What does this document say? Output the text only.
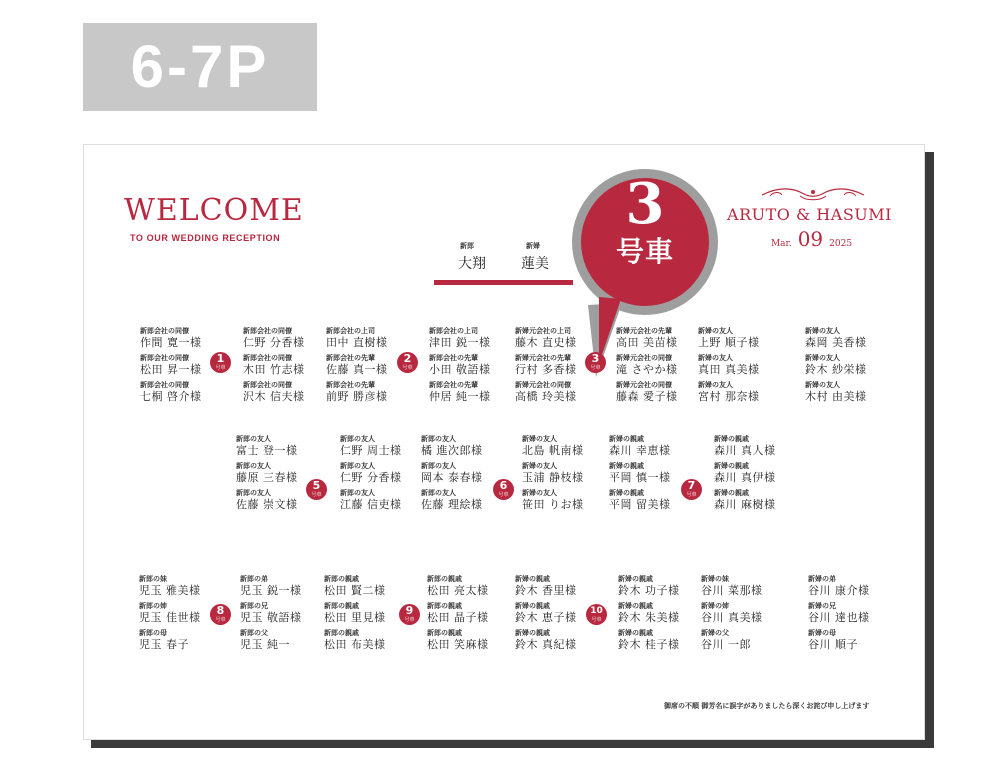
6-7P
WELCOME
TO OUR WEDDING RECEPTION
新郎
大翔
新婦
蓮美
3
号車
ARUTO & HASUMI
Mar. 09 2025
新郎会社の同僚
作間 寛一様
新郎会社の同僚
松田 昇一様
新郎会社の同僚
七桐 啓介様
新郎会社の同僚
仁野 分香様
新郎会社の同僚
木田 竹志様
新郎会社の同僚
沢木 信夫様
1
号車
新郎会社の上司
田中 直樹様
新郎会社の先輩
佐藤 真一様
新郎会社の先輩
前野 勝彦様
新郎会社の上司
津田 鋭一様
新郎会社の先輩
小田 敬語様
新郎会社の先輩
仲居 純一様
2
号車
新婦元会社の上司
藤木 直史様
新婦元会社の先輩
行村 多香様
新婦元会社の同僚
高橋 玲美様
新婦元会社の先輩
高田 美苗様
新婦元会社の同僚
滝 さやか様
新婦元会社の同僚
藤森 愛子様
3
号車
新婦の友人
上野 順子様
新婦の友人
真田 真美様
新婦の友人
宮村 那奈様
新婦の友人
森岡 美香様
新婦の友人
鈴木 紗栄様
新婦の友人
木村 由美様
新郎の友人
富士 登一様
新郎の友人
藤原 三春様
新郎の友人
佐藤 崇文様
新郎の友人
仁野 周士様
新郎の友人
仁野 分香様
新郎の友人
江藤 信吏様
5
号車
新郎の友人
橘 進次郎様
新郎の友人
岡本 泰春様
新郎の友人
佐藤 理絵様
新婦の友人
北島 帆南様
新婦の友人
玉浦 静枝様
新婦の友人
笹田 りお様
6
号車
新婦の親戚
森川 幸恵様
新婦の親戚
平岡 慎一様
新婦の親戚
平岡 留美様
新婦の親戚
森川 真人様
新婦の親戚
森川 真伊様
新婦の親戚
森川 麻樹様
7
号車
新郎の妹
児玉 雅美様
新郎の姉
児玉 佳世様
新郎の母
児玉 春子
新郎の弟
児玉 鋭一様
新郎の兄
児玉 敬語様
新郎の父
児玉 純一
8
号車
新郎の親戚
松田 賢二様
新郎の親戚
松田 里見様
新郎の親戚
松田 布美様
新郎の親戚
松田 亮太様
新郎の親戚
松田 晶子様
新郎の親戚
松田 笑麻様
9
号車
新婦の親戚
鈴木 香里様
新婦の親戚
鈴木 恵子様
新婦の親戚
鈴木 真紀様
新婦の親戚
鈴木 功子様
新婦の親戚
鈴木 朱美様
新婦の親戚
鈴木 桂子様
10
号車
新婦の妹
谷川 菜那様
新婦の姉
谷川 真美様
新婦の父
谷川 一郎
新婦の弟
谷川 康介様
新婦の兄
谷川 達也様
新婦の母
谷川 順子
御席の不順 御芳名に誤字がありましたら深くお詫び申し上げます
